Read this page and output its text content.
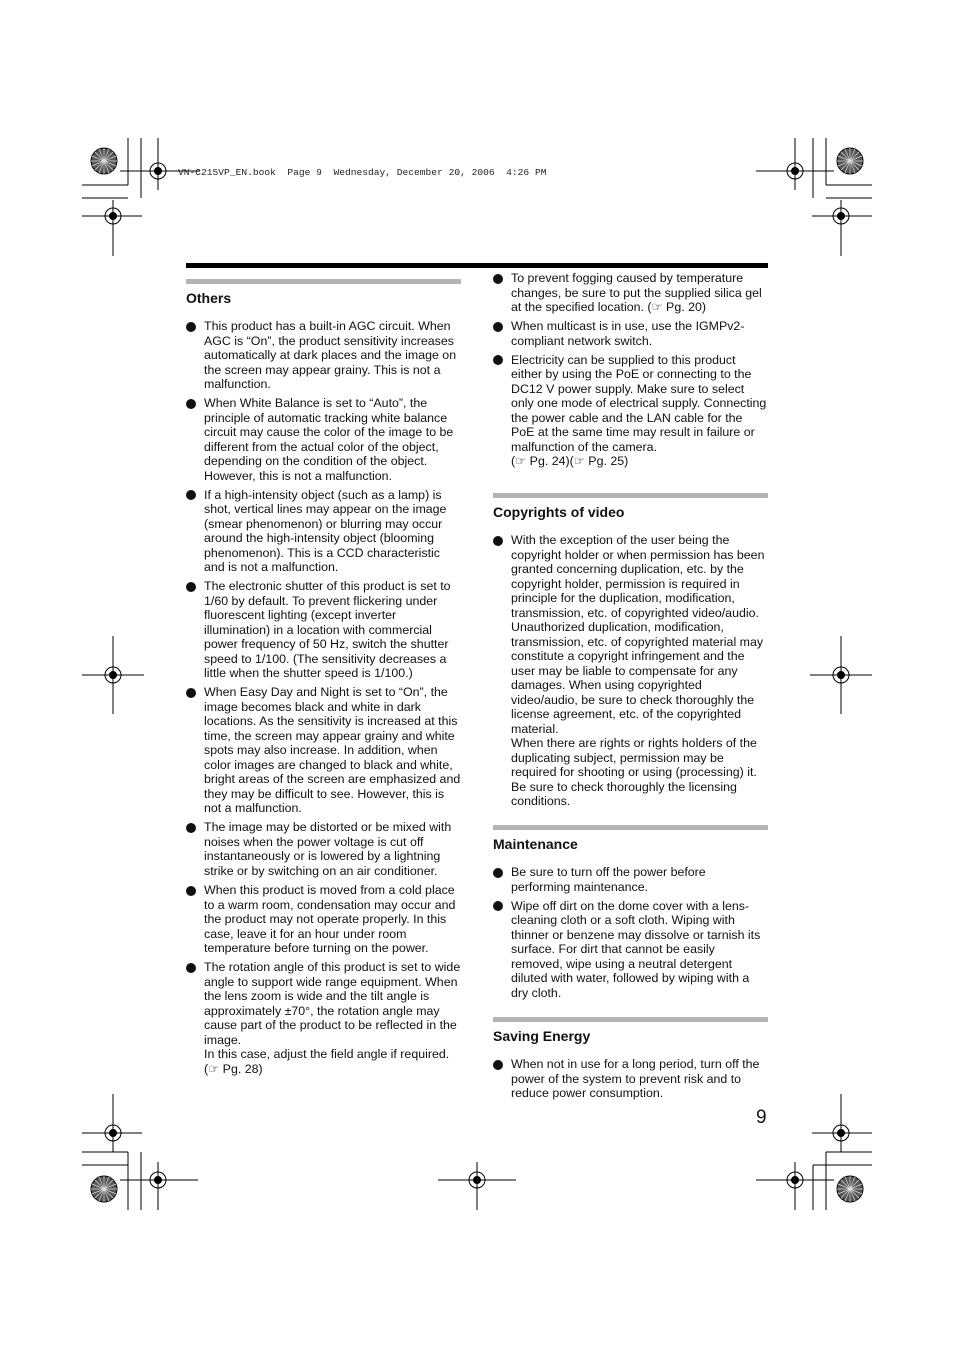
VN-C215VP_EN.book  Page 9  Wednesday, December 20, 2006  4:26 PM
Others
This product has a built-in AGC circuit. When AGC is “On”, the product sensitivity increases automatically at dark places and the image on the screen may appear grainy. This is not a malfunction.
When White Balance is set to “Auto”, the principle of automatic tracking white balance circuit may cause the color of the image to be different from the actual color of the object, depending on the condition of the object. However, this is not a malfunction.
If a high-intensity object (such as a lamp) is shot, vertical lines may appear on the image (smear phenomenon) or blurring may occur around the high-intensity object (blooming phenomenon). This is a CCD characteristic and is not a malfunction.
The electronic shutter of this product is set to 1/60 by default. To prevent flickering under fluorescent lighting (except inverter illumination) in a location with commercial power frequency of 50 Hz, switch the shutter speed to 1/100. (The sensitivity decreases a little when the shutter speed is 1/100.)
When Easy Day and Night is set to “On”, the image becomes black and white in dark locations. As the sensitivity is increased at this time, the screen may appear grainy and white spots may also increase. In addition, when color images are changed to black and white, bright areas of the screen are emphasized and they may be difficult to see. However, this is not a malfunction.
The image may be distorted or be mixed with noises when the power voltage is cut off instantaneously or is lowered by a lightning strike or by switching on an air conditioner.
When this product is moved from a cold place to a warm room, condensation may occur and the product may not operate properly. In this case, leave it for an hour under room temperature before turning on the power.
The rotation angle of this product is set to wide angle to support wide range equipment. When the lens zoom is wide and the tilt angle is approximately ±70°, the rotation angle may cause part of the product to be reflected in the image.
In this case, adjust the field angle if required. (☞ Pg. 28)
To prevent fogging caused by temperature changes, be sure to put the supplied silica gel at the specified location. (☞ Pg. 20)
When multicast is in use, use the IGMPv2-compliant network switch.
Electricity can be supplied to this product either by using the PoE or connecting to the DC12 V power supply. Make sure to select only one mode of electrical supply. Connecting the power cable and the LAN cable for the PoE at the same time may result in failure or malfunction of the camera.
(☞ Pg. 24)(☞ Pg. 25)
Copyrights of video
With the exception of the user being the copyright holder or when permission has been granted concerning duplication, etc. by the copyright holder, permission is required in principle for the duplication, modification, transmission, etc. of copyrighted video/audio. Unauthorized duplication, modification, transmission, etc. of copyrighted material may constitute a copyright infringement and the user may be liable to compensate for any damages. When using copyrighted video/audio, be sure to check thoroughly the license agreement, etc. of the copyrighted material.
When there are rights or rights holders of the duplicating subject, permission may be required for shooting or using (processing) it. Be sure to check thoroughly the licensing conditions.
Maintenance
Be sure to turn off the power before performing maintenance.
Wipe off dirt on the dome cover with a lens-cleaning cloth or a soft cloth. Wiping with thinner or benzene may dissolve or tarnish its surface. For dirt that cannot be easily removed, wipe using a neutral detergent diluted with water, followed by wiping with a dry cloth.
Saving Energy
When not in use for a long period, turn off the power of the system to prevent risk and to reduce power consumption.
9
